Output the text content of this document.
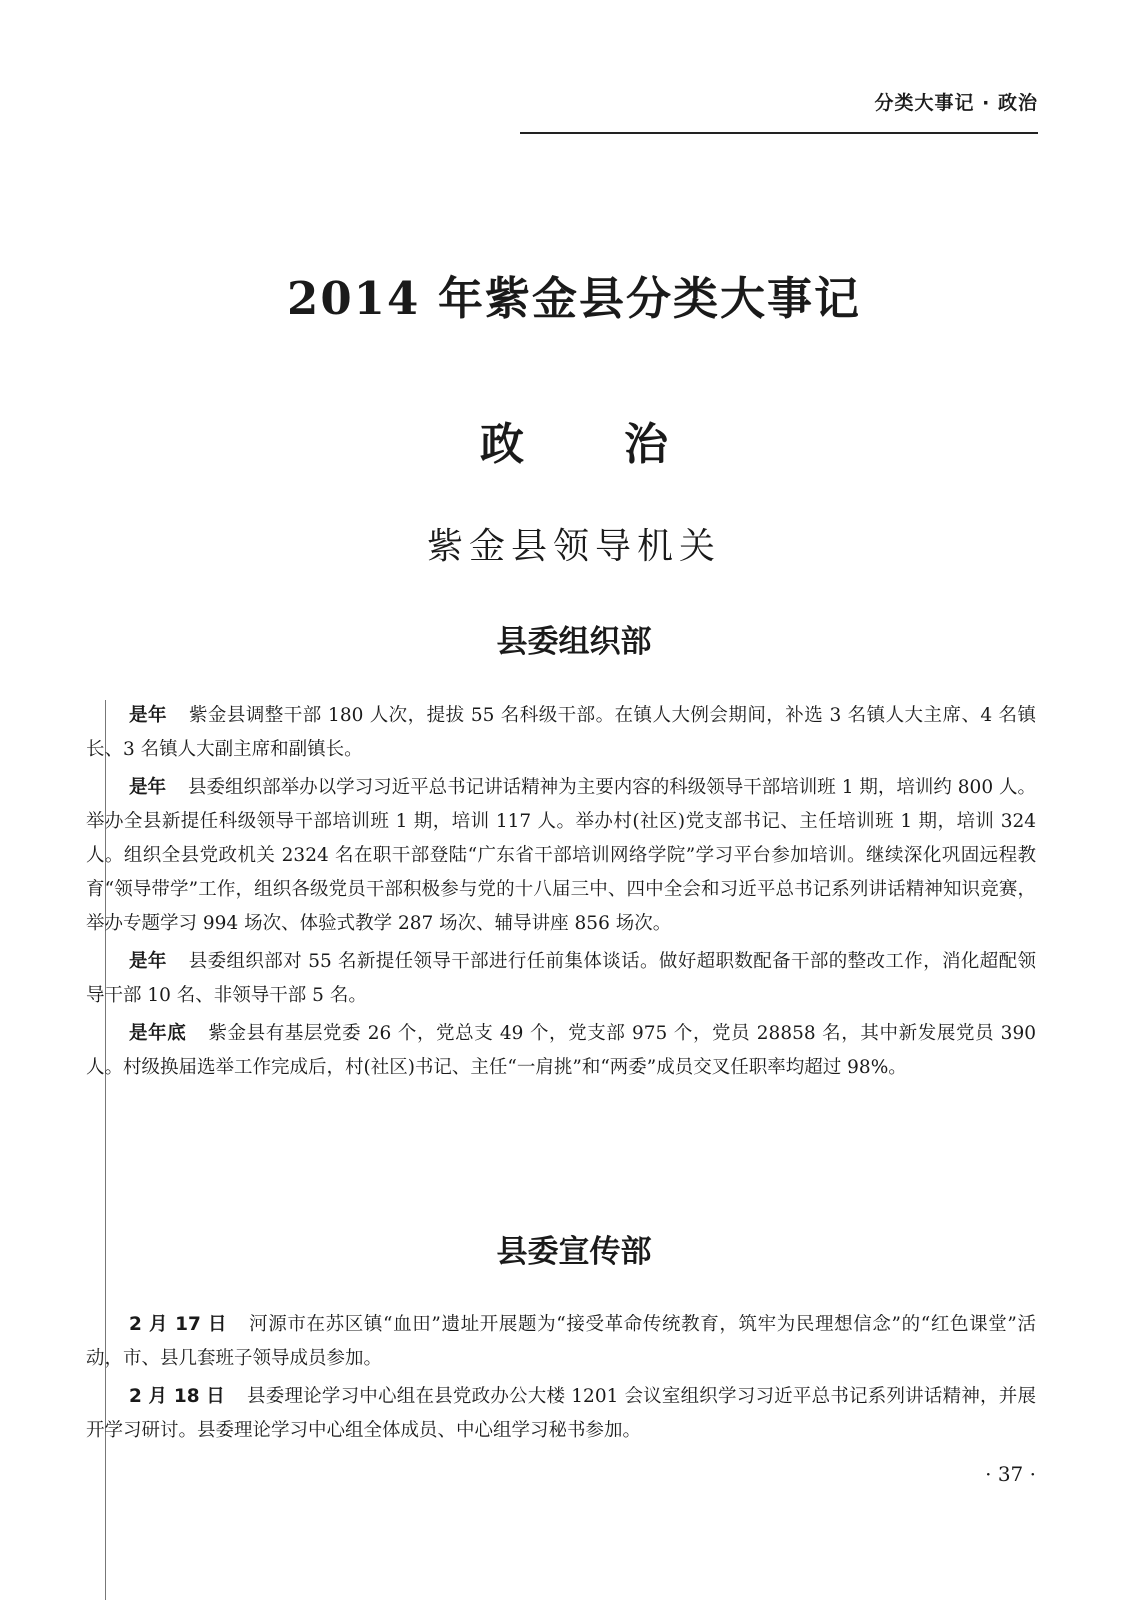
分类大事记 · 政治
2014 年紫金县分类大事记
政治
紫金县领导机关
县委组织部

是年 紫金县调整干部 180 人次，提拔 55 名科级干部。在镇人大例会期间，补选 3 名镇人大主席、4 名镇长、3 名镇人大副主席和副镇长。

是年 县委组织部举办以学习习近平总书记讲话精神为主要内容的科级领导干部培训班 1 期，培训约 800 人。举办全县新提任科级领导干部培训班 1 期，培训 117 人。举办村(社区)党支部书记、主任培训班 1 期，培训 324 人。组织全县党政机关 2324 名在职干部登陆“广东省干部培训网络学院”学习平台参加培训。继续深化巩固远程教育“领导带学”工作，组织各级党员干部积极参与党的十八届三中、四中全会和习近平总书记系列讲话精神知识竞赛，举办专题学习 994 场次、体验式教学 287 场次、辅导讲座 856 场次。

是年 县委组织部对 55 名新提任领导干部进行任前集体谈话。做好超职数配备干部的整改工作，消化超配领导干部 10 名、非领导干部 5 名。

是年底 紫金县有基层党委 26 个，党总支 49 个，党支部 975 个，党员 28858 名，其中新发展党员 390 人。村级换届选举工作完成后，村(社区)书记、主任“一肩挑”和“两委”成员交叉任职率均超过 98%。

县委宣传部

2 月 17 日 河源市在苏区镇“血田”遗址开展题为“接受革命传统教育，筑牢为民理想信念”的“红色课堂”活动，市、县几套班子领导成员参加。

2 月 18 日 县委理论学习中心组在县党政办公大楼 1201 会议室组织学习习近平总书记系列讲话精神，并展开学习研讨。县委理论学习中心组全体成员、中心组学习秘书参加。

· 37 ·
